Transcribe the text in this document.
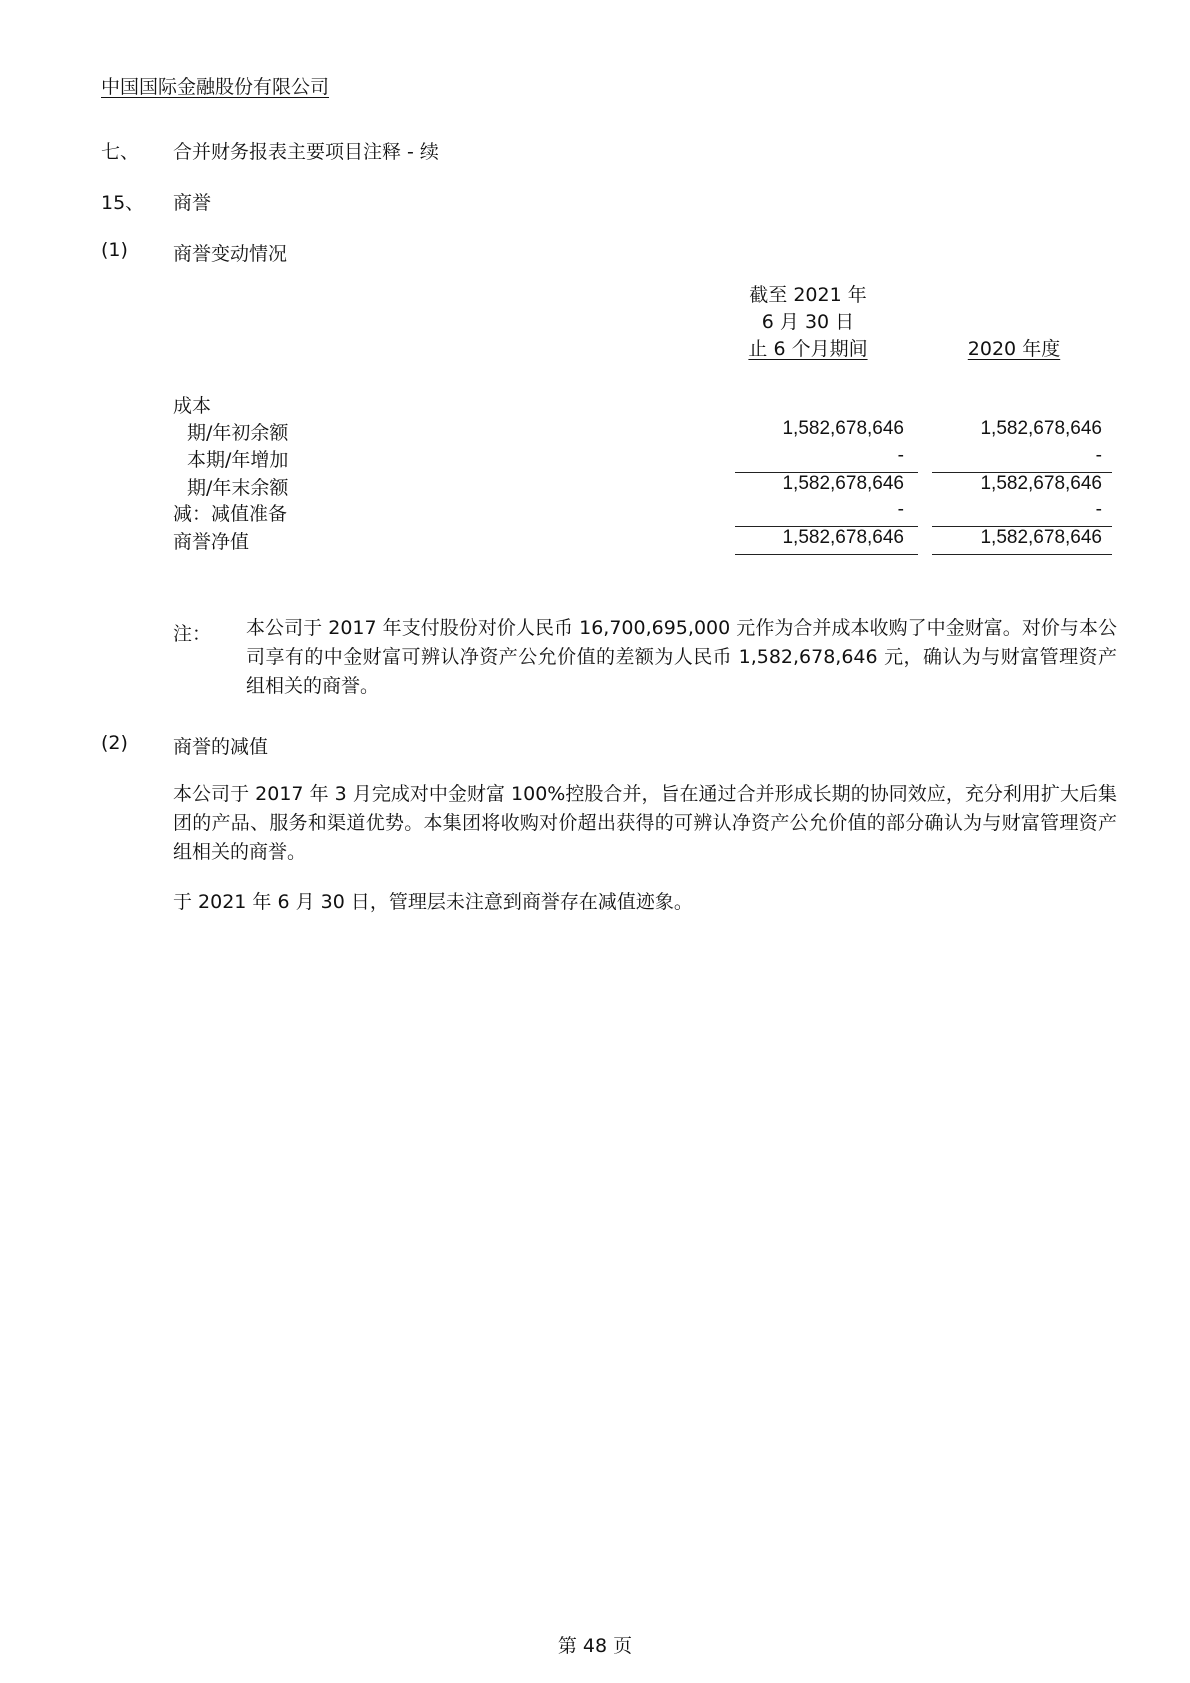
中国国际金融股份有限公司
七、 合并财务报表主要项目注释 - 续
15、 商誉
(1) 商誉变动情况
截至 2021 年
6 月 30 日
止 6 个月期间	2020 年度
成本
期/年初余额	1,582,678,646	1,582,678,646
本期/年增加	-	-
期/年末余额	1,582,678,646	1,582,678,646
减：减值准备	-	-
商誉净值	1,582,678,646	1,582,678,646
注： 本公司于 2017 年支付股份对价人民币 16,700,695,000 元作为合并成本收购了中金财富。对价与本公司享有的中金财富可辨认净资产公允价值的差额为人民币 1,582,678,646 元，确认为与财富管理资产组相关的商誉。
(2) 商誉的减值
本公司于 2017 年 3 月完成对中金财富 100%控股合并，旨在通过合并形成长期的协同效应，充分利用扩大后集团的产品、服务和渠道优势。本集团将收购对价超出获得的可辨认净资产公允价值的部分确认为与财富管理资产组相关的商誉。
于 2021 年 6 月 30 日，管理层未注意到商誉存在减值迹象。
第 48 页
